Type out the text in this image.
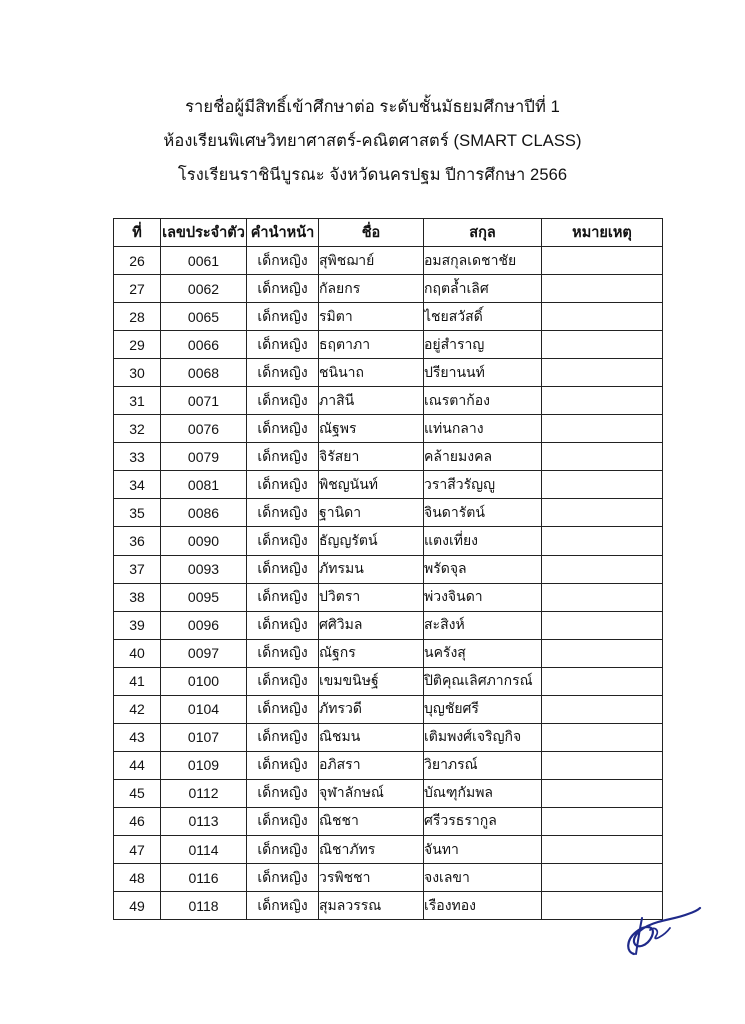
รายชื่อผู้มีสิทธิ์เข้าศึกษาต่อ ระดับชั้นมัธยมศึกษาปีที่ 1
ห้องเรียนพิเศษวิทยาศาสตร์-คณิตศาสตร์ (SMART CLASS)
โรงเรียนราชินีบูรณะ จังหวัดนครปฐม ปีการศึกษา 2566
ที่	เลขประจำตัว	คำนำหน้า	ชื่อ	สกุล	หมายเหตุ
26	0061	เด็กหญิง	สุพิชฌาย์	อมสกุลเดชาชัย	
27	0062	เด็กหญิง	กัลยกร	กฤตล้ำเลิศ	
28	0065	เด็กหญิง	รมิตา	ไชยสวัสดิ์	
29	0066	เด็กหญิง	ธฤตาภา	อยู่สำราญ	
30	0068	เด็กหญิง	ชนินาถ	ปรียานนท์	
31	0071	เด็กหญิง	ภาสินี	เณรตาก้อง	
32	0076	เด็กหญิง	ณัฐพร	แท่นกลาง	
33	0079	เด็กหญิง	จิรัสยา	คล้ายมงคล	
34	0081	เด็กหญิง	พิชญนันท์	วราสีวรัญญู	
35	0086	เด็กหญิง	ฐานิดา	จินดารัตน์	
36	0090	เด็กหญิง	ธัญญรัตน์	แตงเที่ยง	
37	0093	เด็กหญิง	ภัทรมน	พรัดจุล	
38	0095	เด็กหญิง	ปวิตรา	พ่วงจินดา	
39	0096	เด็กหญิง	ศศิวิมล	สะสิงห์	
40	0097	เด็กหญิง	ณัฐกร	นครังสุ	
41	0100	เด็กหญิง	เขมขนิษฐ์	ปิติคุณเลิศภากรณ์	
42	0104	เด็กหญิง	ภัทรวดี	บุญชัยศรี	
43	0107	เด็กหญิง	ณิชมน	เติมพงศ์เจริญกิจ	
44	0109	เด็กหญิง	อภิสรา	วิยาภรณ์	
45	0112	เด็กหญิง	จุฬาลักษณ์	บัณฑุกัมพล	
46	0113	เด็กหญิง	ณิชชา	ศรีวรธรากูล	
47	0114	เด็กหญิง	ณิชาภัทร	จันทา	
48	0116	เด็กหญิง	วรพิชชา	จงเลขา	
49	0118	เด็กหญิง	สุมลวรรณ	เรืองทอง	
